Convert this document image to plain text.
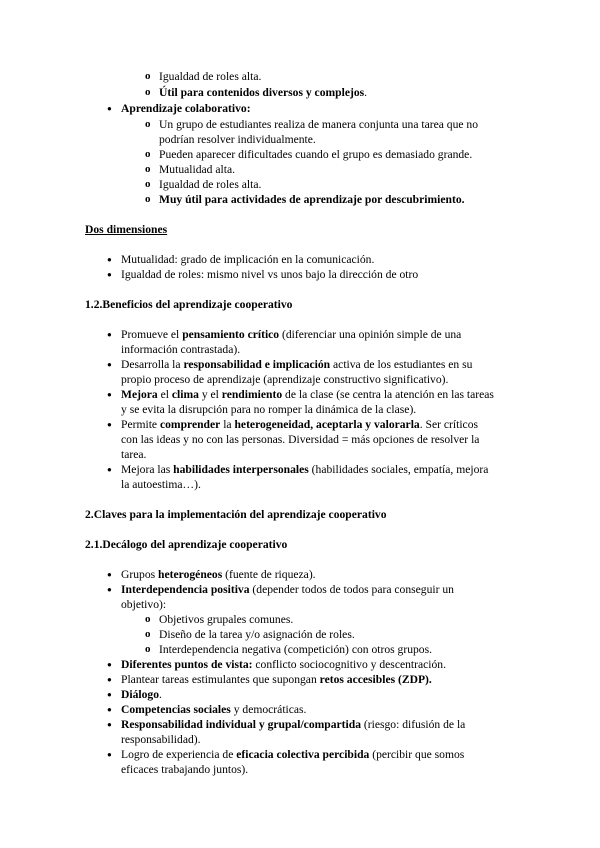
o Igualdad de roles alta.
o Útil para contenidos diversos y complejos.
●
Aprendizaje colaborativo:
o Un grupo de estudiantes realiza de manera conjunta una tarea que no
podrían resolver individualmente.
o Pueden aparecer dificultades cuando el grupo es demasiado grande.
o Mutualidad alta.
o Igualdad de roles alta.
o Muy útil para actividades de aprendizaje por descubrimiento.
Dos dimensiones
●
Mutualidad: grado de implicación en la comunicación.
●
Igualdad de roles: mismo nivel vs unos bajo la dirección de otro
1.2.Beneficios del aprendizaje cooperativo
●
Promueve el pensamiento crítico (diferenciar una opinión simple de una
información contrastada).
●
Desarrolla la responsabilidad e implicación activa de los estudiantes en su
propio proceso de aprendizaje (aprendizaje constructivo significativo).
●
Mejora el clima y el rendimiento de la clase (se centra la atención en las tareas
y se evita la disrupción para no romper la dinámica de la clase).
●
Permite comprender la heterogeneidad, aceptarla y valorarla. Ser críticos
con las ideas y no con las personas. Diversidad = más opciones de resolver la
tarea.
●
Mejora las habilidades interpersonales (habilidades sociales, empatía, mejora
la autoestima…).
2.Claves para la implementación del aprendizaje cooperativo
2.1.Decálogo del aprendizaje cooperativo
●
Grupos heterogéneos (fuente de riqueza).
●
Interdependencia positiva (depender todos de todos para conseguir un
objetivo):
o Objetivos grupales comunes.
o Diseño de la tarea y/o asignación de roles.
o Interdependencia negativa (competición) con otros grupos.
●
Diferentes puntos de vista: conflicto sociocognitivo y descentración.
●
Plantear tareas estimulantes que supongan retos accesibles (ZDP).
●
Diálogo.
●
Competencias sociales y democráticas.
●
Responsabilidad individual y grupal/compartida (riesgo: difusión de la
responsabilidad).
●
Logro de experiencia de eficacia colectiva percibida (percibir que somos
eficaces trabajando juntos).
